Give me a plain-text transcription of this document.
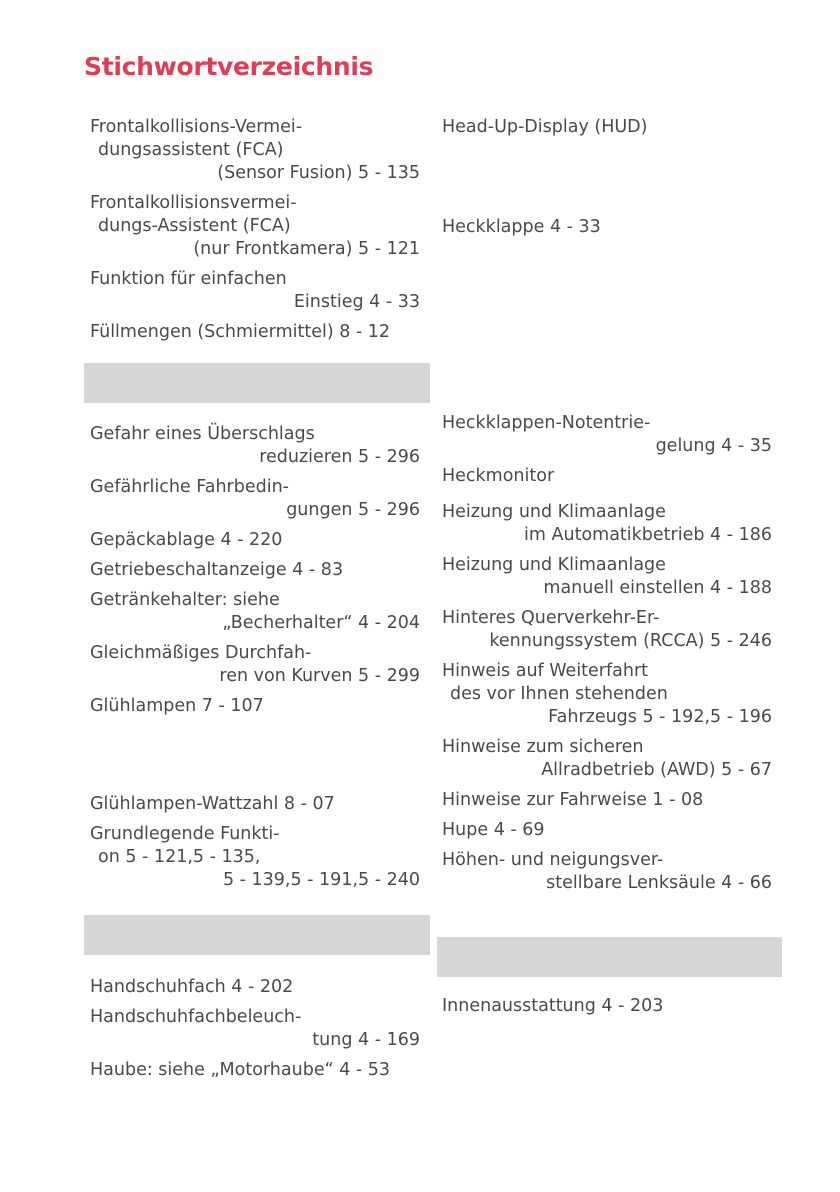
Stichwortverzeichnis
Frontalkollisions-Vermei-
dungsassistent (FCA)
(Sensor Fusion) 5 - 135
Frontalkollisionsvermei-
dungs-Assistent (FCA)
(nur Frontkamera) 5 - 121
Funktion für einfachen
Einstieg 4 - 33
Füllmengen (Schmiermittel) 8 - 12
Gefahr eines Überschlags
reduzieren 5 - 296
Gefährliche Fahrbedin-
gungen 5 - 296
Gepäckablage 4 - 220
Getriebeschaltanzeige 4 - 83
Getränkehalter: siehe
„Becherhalter“ 4 - 204
Gleichmäßiges Durchfah-
ren von Kurven 5 - 299
Glühlampen 7 - 107
Glühlampen-Wattzahl 8 - 07
Grundlegende Funkti-
on 5 - 121,5 - 135,
5 - 139,5 - 191,5 - 240
Handschuhfach 4 - 202
Handschuhfachbeleuch-
tung 4 - 169
Haube: siehe „Motorhaube“ 4 - 53
Head-Up-Display (HUD)
Heckklappe 4 - 33
Heckklappen-Notentrie-
gelung 4 - 35
Heckmonitor
Heizung und Klimaanlage
im Automatikbetrieb 4 - 186
Heizung und Klimaanlage
manuell einstellen 4 - 188
Hinteres Querverkehr-Er-
kennungssystem (RCCA) 5 - 246
Hinweis auf Weiterfahrt
des vor Ihnen stehenden
Fahrzeugs 5 - 192,5 - 196
Hinweise zum sicheren
Allradbetrieb (AWD) 5 - 67
Hinweise zur Fahrweise 1 - 08
Hupe 4 - 69
Höhen- und neigungsver-
stellbare Lenksäule 4 - 66
Innenausstattung 4 - 203
